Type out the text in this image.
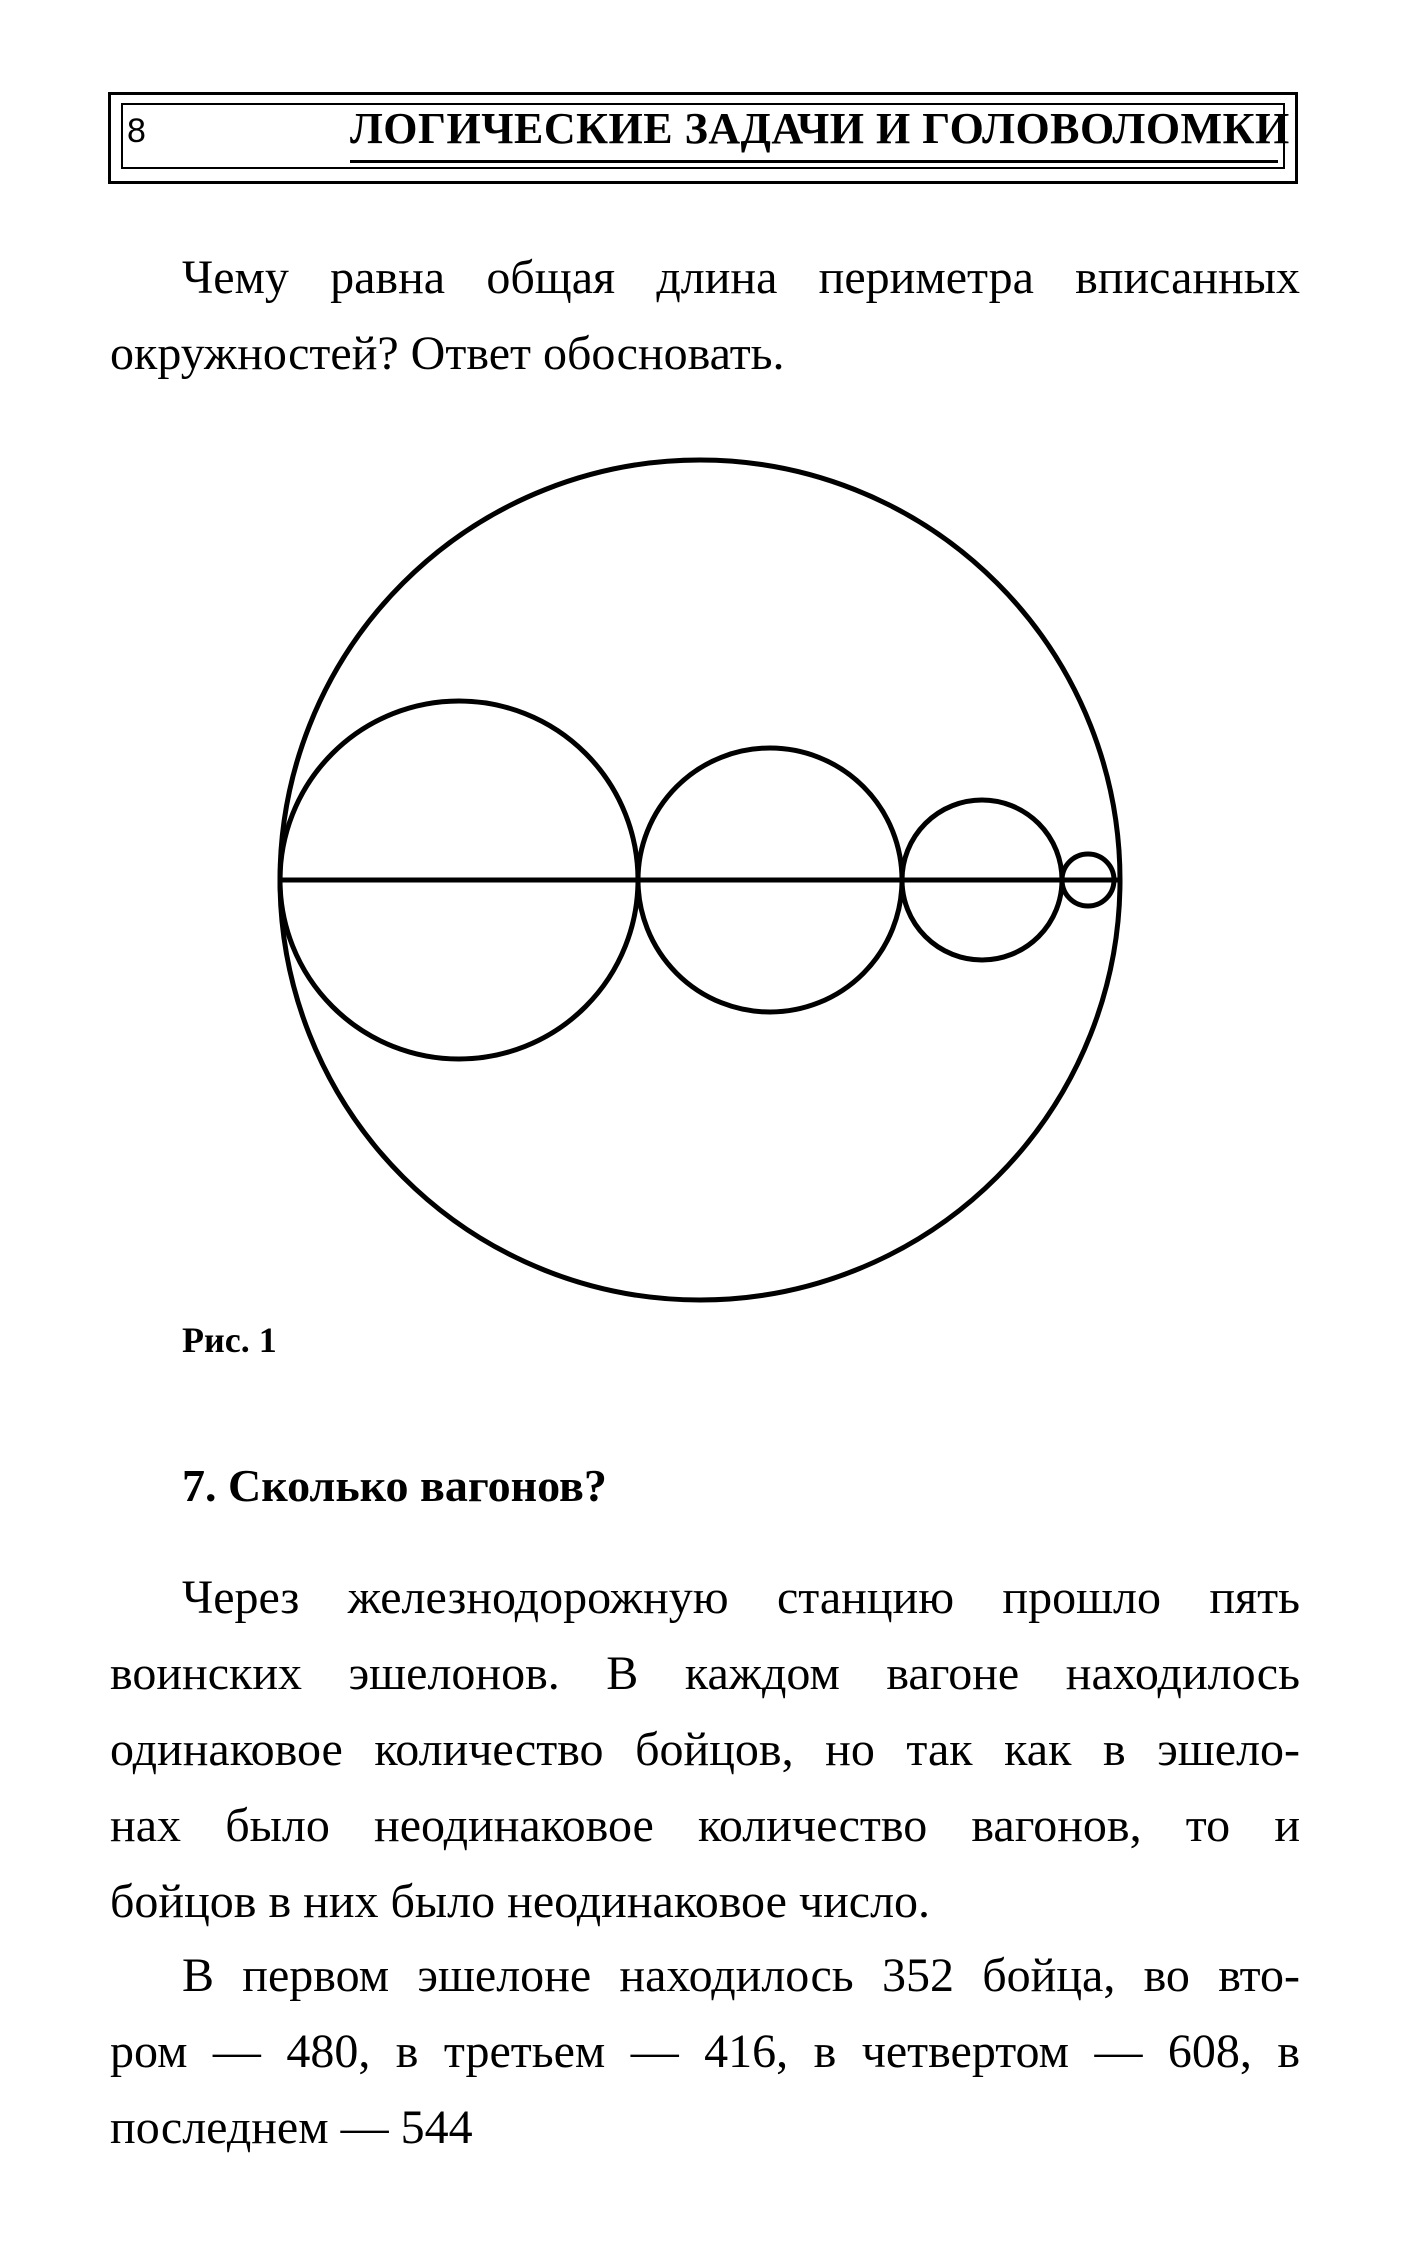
8	ЛОГИЧЕСКИЕ ЗАДАЧИ И ГОЛОВОЛОМКИ
Чему равна общая длина периметра вписанных
окружностей? Ответ обосновать.
Рис. 1
7. Сколько вагонов?
Через железнодорожную станцию прошло пять
воинских эшелонов. В каждом вагоне находилось
одинаковое количество бойцов, но так как в эшело-
нах было неодинаковое количество вагонов, то и
бойцов в них было неодинаковое число.
В первом эшелоне находилось 352 бойца, во вто-
ром — 480, в третьем — 416, в четвертом — 608, в
последнем — 544
